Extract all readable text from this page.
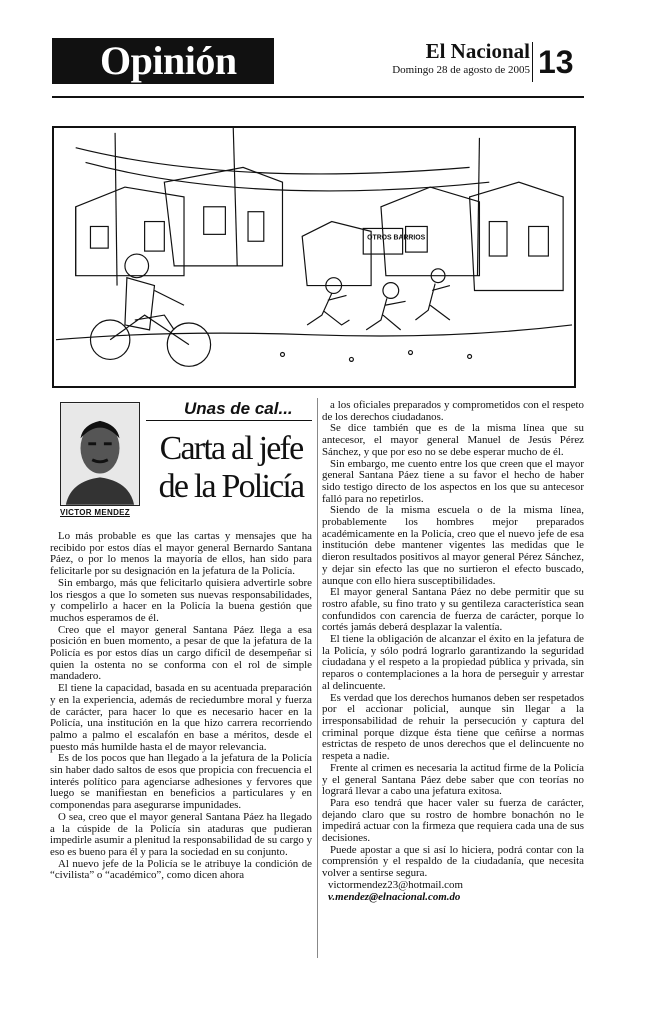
Opinión	El Nacional
Domingo 28 de agosto de 2005 13
OTROS BARRIOS
Unas de cal...
VICTOR MENDEZ
Carta al jefe
de la Policía

Lo más probable es que las cartas y mensajes que ha recibido por estos días el mayor general Bernardo Santana Páez, o por lo menos la mayoría de ellos, han sido para felicitarle por su designación en la jefatura de la Policía.

Sin embargo, más que felicitarlo quisiera advertirle sobre los riesgos a que lo someten sus nuevas responsabilidades, y compelirlo a hacer en la Policía la buena gestión que muchos esperamos de él.

Creo que el mayor general Santana Páez llega a esa posición en buen momento, a pesar de que la jefatura de la Policía es por estos días un cargo difícil de desempeñar si quien la ostenta no se conforma con el rol de simple mandadero.

El tiene la capacidad, basada en su acentuada preparación y en la experiencia, además de reciedumbre moral y fuerza de carácter, para hacer lo que es necesario hacer en la Policía, una institución en la que hizo carrera recorriendo palmo a palmo el escalafón en base a méritos, desde el puesto más humilde hasta el de mayor relevancia.

Es de los pocos que han llegado a la jefatura de la Policía sin haber dado saltos de esos que propicia con frecuencia el interés político para agenciarse adhesiones y fervores que luego se manifiestan en beneficios a particulares y en componendas para asegurarse impunidades.

O sea, creo que el mayor general Santana Páez ha llegado a la cúspide de la Policía sin ataduras que pudieran impedirle asumir a plenitud la responsabilidad de su cargo y eso es bueno para él y para la sociedad en su conjunto.

Al nuevo jefe de la Policía se le atribuye la condición de “civilista” o “académico”, como dicen ahora

a los oficiales preparados y comprometidos con el respeto de los derechos ciudadanos.

Se dice también que es de la misma línea que su antecesor, el mayor general Manuel de Jesús Pérez Sánchez, y que por eso no se debe esperar mucho de él.

Sin embargo, me cuento entre los que creen que el mayor general Santana Páez tiene a su favor el hecho de haber sido testigo directo de los aspectos en los que su antecesor falló para no repetirlos.

Siendo de la misma escuela o de la misma línea, probablemente los hombres mejor preparados académicamente en la Policía, creo que el nuevo jefe de esa institución debe mantener vigentes las medidas que le dieron resultados positivos al mayor general Pérez Sánchez, y dejar sin efecto las que no surtieron el efecto buscado, aunque con ello hiera susceptibilidades.

El mayor general Santana Páez no debe permitir que su rostro afable, su fino trato y su gentileza característica sean confundidos con carencia de fuerza de carácter, porque lo cortés jamás deberá desplazar la valentía.

El tiene la obligación de alcanzar el éxito en la jefatura de la Policía, y sólo podrá lograrlo garantizando la seguridad ciudadana y el respeto a la propiedad pública y privada, sin reparos o contemplaciones a la hora de perseguir y arrestar al delincuente.

Es verdad que los derechos humanos deben ser respetados por el accionar policial, aunque sin llegar a la irresponsabilidad de rehuir la persecución y captura del criminal porque dizque ésta tiene que ceñirse a normas estrictas de respeto de unos derechos que el delincuente no respeta a nadie.

Frente al crimen es necesaria la actitud firme de la Policía y el general Santana Páez debe saber que con teorías no logrará llevar a cabo una jefatura exitosa.

Para eso tendrá que hacer valer su fuerza de carácter, dejando claro que su rostro de hombre bonachón no le impedirá actuar con la firmeza que requiera cada una de sus decisiones.

Puede apostar a que si así lo hiciera, podrá contar con la comprensión y el respaldo de la ciudadanía, que necesita volver a sentirse segura.

victormendez23@hotmail.com

v.mendez@elnacional.com.do
